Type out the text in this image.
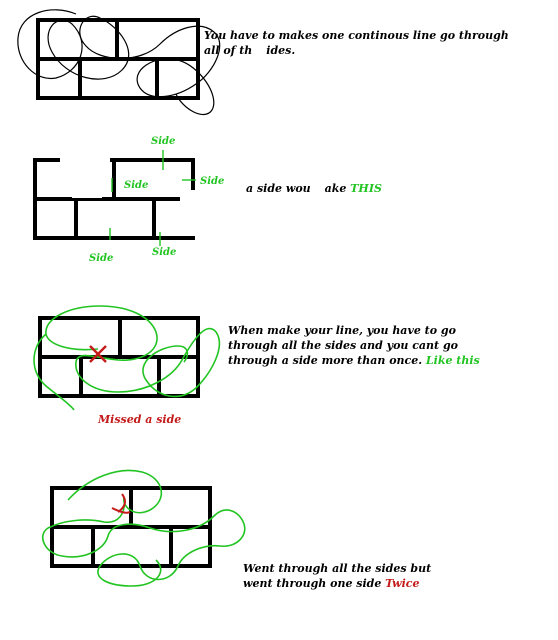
You have to makes one continous line go through
all of th ides.
Side
Side	Side
Side
Side
a side wou ake THIS
When make your line, you have to go
through all the sides and you cant go
through a side more than once. Like this
Missed a side
Went through all the sides but
went through one side Twice
